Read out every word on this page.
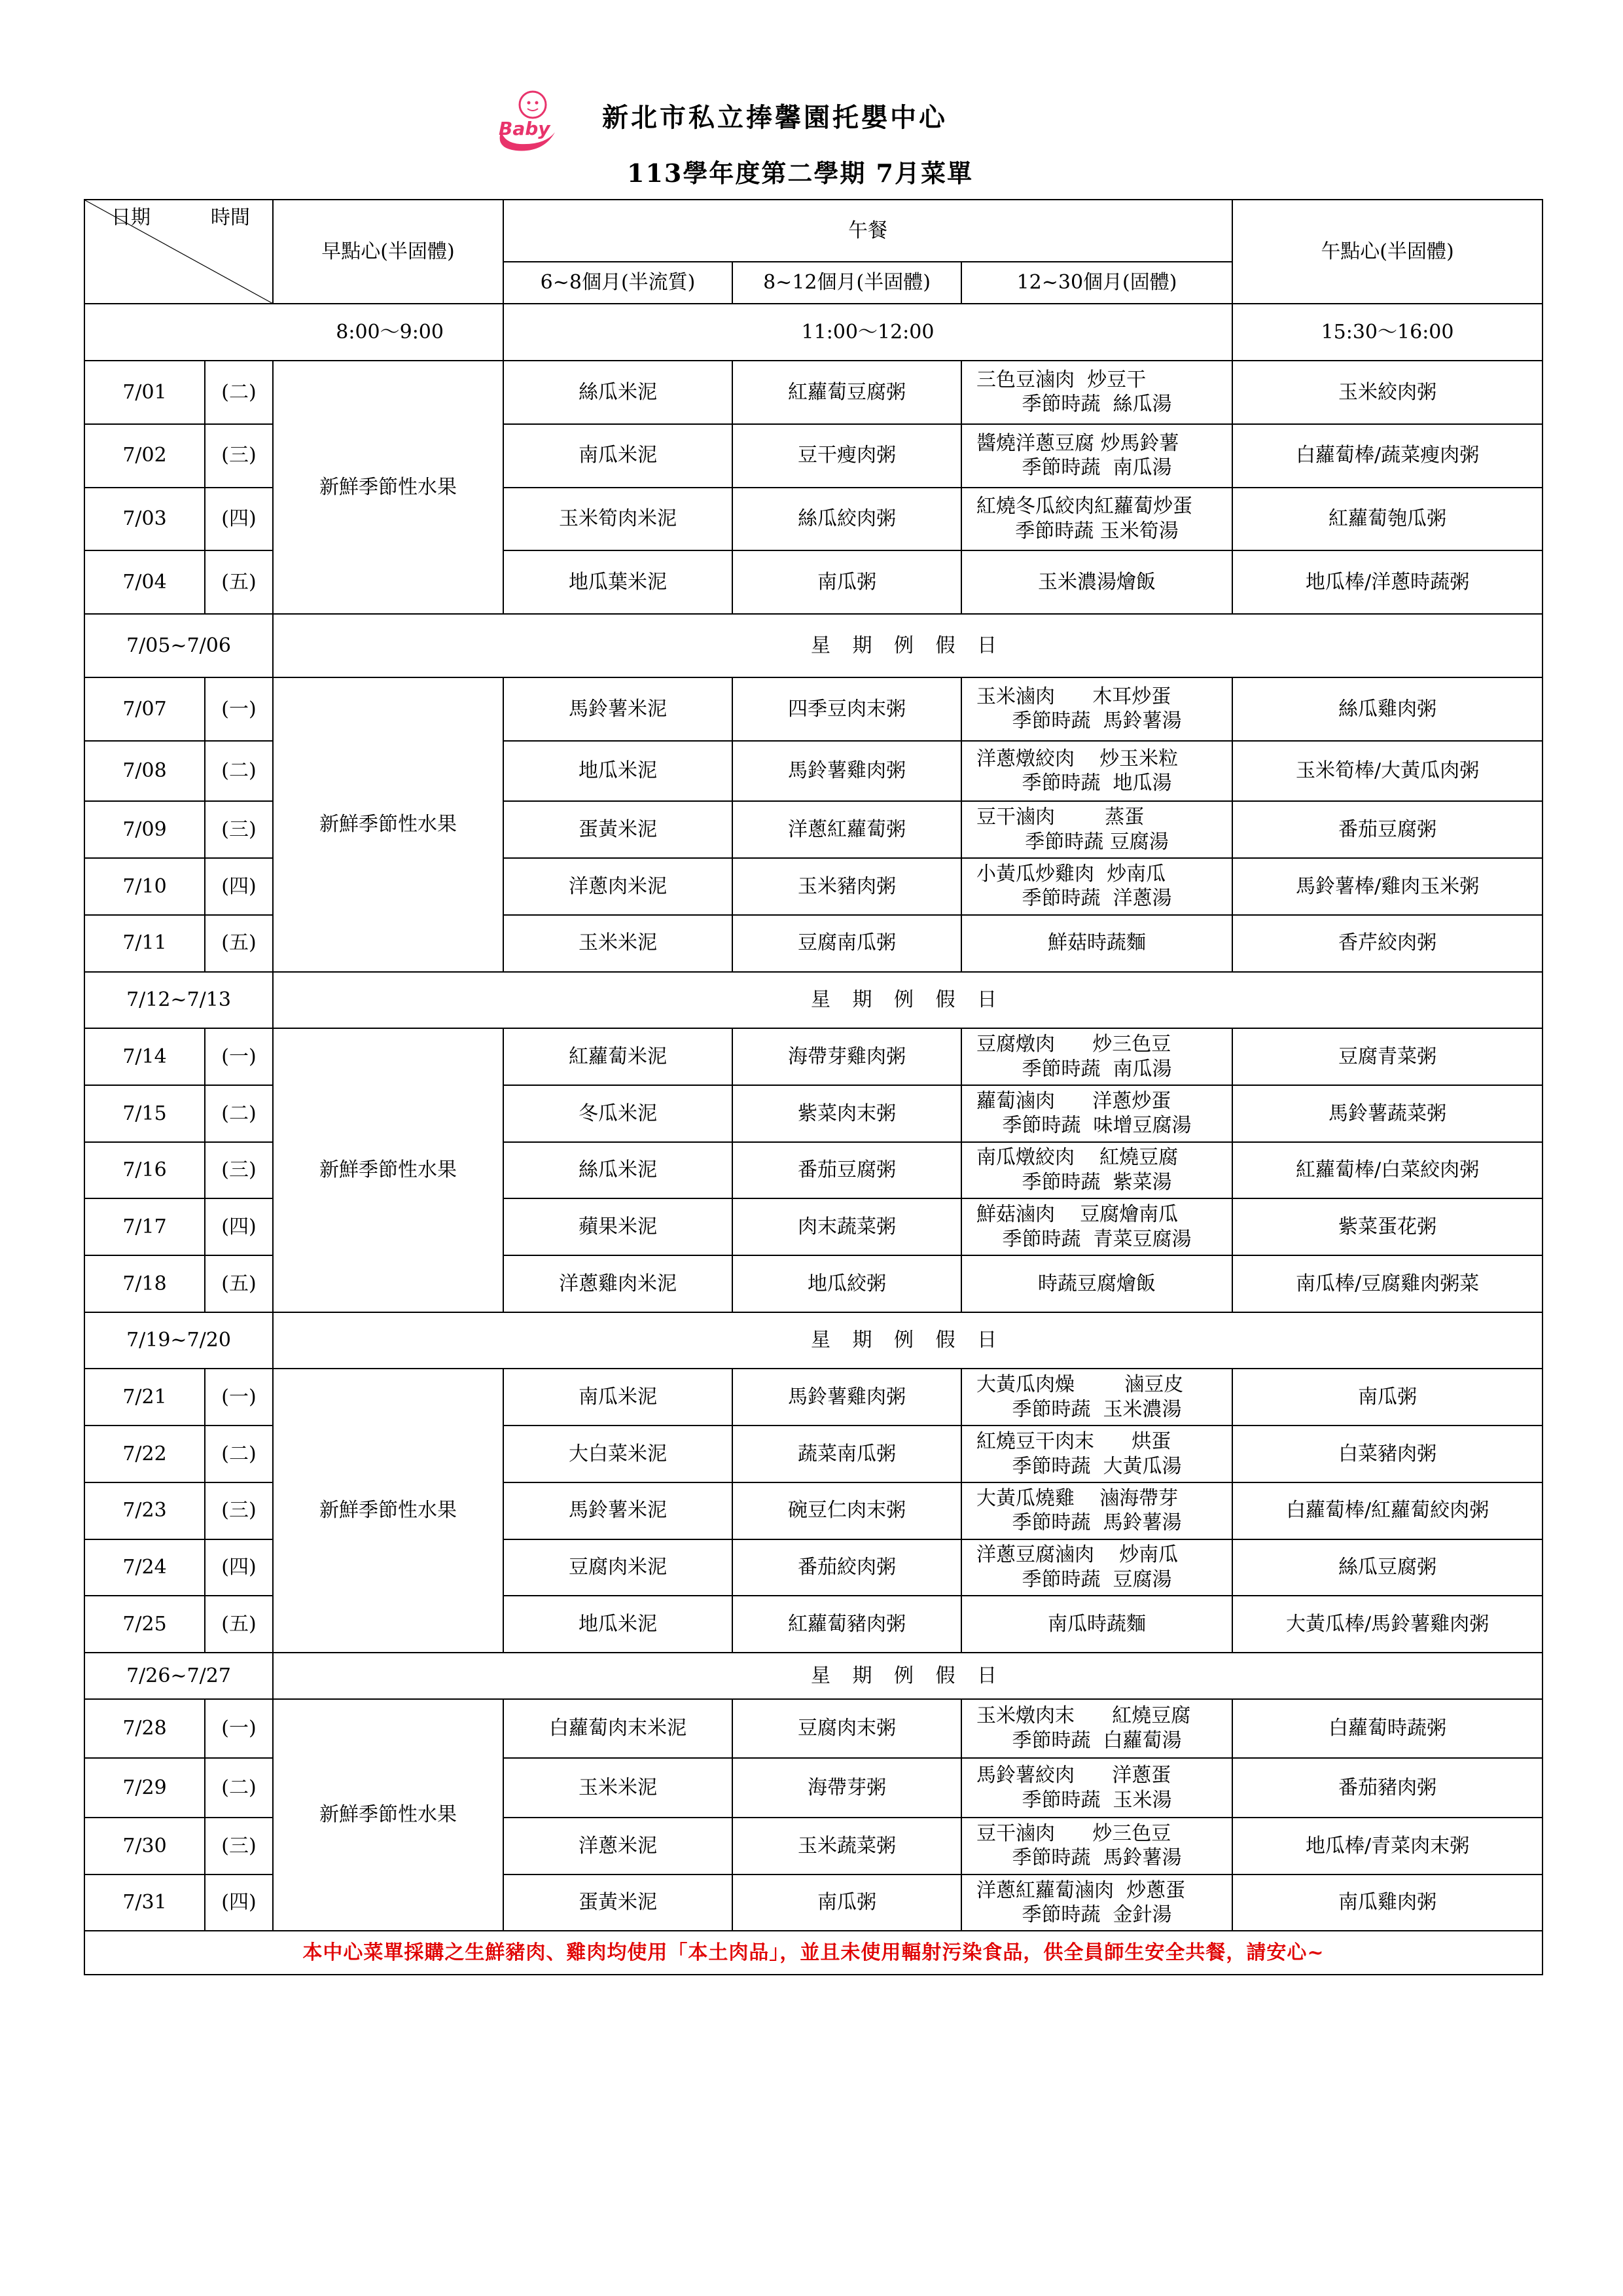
Baby 新北市私立捧馨園托嬰中心
113學年度第二學期 7月菜單
日期 時間		早點心(半固體)	午餐			午點心(半固體)
			6~8個月(半流質)	8~12個月(半固體)	12~30個月(固體)	
8:00～9:00			11:00～12:00			15:30～16:00
7/01	(二)	新鮮季節性水果	絲瓜米泥	紅蘿蔔豆腐粥	三色豆滷肉  炒豆干
季節時蔬  絲瓜湯	玉米絞肉粥
7/02	(三)		南瓜米泥	豆干瘦肉粥	醬燒洋蔥豆腐 炒馬鈴薯
季節時蔬  南瓜湯	白蘿蔔棒/蔬菜瘦肉粥
7/03	(四)		玉米筍肉米泥	絲瓜絞肉粥	紅燒冬瓜絞肉紅蘿蔔炒蛋
季節時蔬 玉米筍湯	紅蘿蔔匏瓜粥
7/04	(五)		地瓜葉米泥	南瓜粥	玉米濃湯燴飯	地瓜棒/洋蔥時蔬粥
7/05~7/06		星 期 例 假 日				
7/07	(一)	新鮮季節性水果	馬鈴薯米泥	四季豆肉末粥	玉米滷肉      木耳炒蛋
季節時蔬  馬鈴薯湯	絲瓜雞肉粥
7/08	(二)		地瓜米泥	馬鈴薯雞肉粥	洋蔥燉絞肉    炒玉米粒
季節時蔬  地瓜湯	玉米筍棒/大黃瓜肉粥
7/09	(三)		蛋黃米泥	洋蔥紅蘿蔔粥	豆干滷肉        蒸蛋
季節時蔬 豆腐湯	番茄豆腐粥
7/10	(四)		洋蔥肉米泥	玉米豬肉粥	小黃瓜炒雞肉  炒南瓜
季節時蔬  洋蔥湯	馬鈴薯棒/雞肉玉米粥
7/11	(五)		玉米米泥	豆腐南瓜粥	鮮菇時蔬麵	香芹絞肉粥
7/12~7/13		星 期 例 假 日				
7/14	(一)	新鮮季節性水果	紅蘿蔔米泥	海帶芽雞肉粥	豆腐燉肉      炒三色豆
季節時蔬  南瓜湯	豆腐青菜粥
7/15	(二)		冬瓜米泥	紫菜肉末粥	蘿蔔滷肉      洋蔥炒蛋
季節時蔬  味增豆腐湯	馬鈴薯蔬菜粥
7/16	(三)		絲瓜米泥	番茄豆腐粥	南瓜燉絞肉    紅燒豆腐
季節時蔬  紫菜湯	紅蘿蔔棒/白菜絞肉粥
7/17	(四)		蘋果米泥	肉末蔬菜粥	鮮菇滷肉    豆腐燴南瓜
季節時蔬  青菜豆腐湯	紫菜蛋花粥
7/18	(五)		洋蔥雞肉米泥	地瓜絞粥	時蔬豆腐燴飯	南瓜棒/豆腐雞肉粥菜
7/19~7/20		星 期 例 假 日				
7/21	(一)	新鮮季節性水果	南瓜米泥	馬鈴薯雞肉粥	大黃瓜肉燥        滷豆皮
季節時蔬  玉米濃湯	南瓜粥
7/22	(二)		大白菜米泥	蔬菜南瓜粥	紅燒豆干肉末      烘蛋
季節時蔬  大黃瓜湯	白菜豬肉粥
7/23	(三)		馬鈴薯米泥	碗豆仁肉末粥	大黃瓜燒雞    滷海帶芽
季節時蔬  馬鈴薯湯	白蘿蔔棒/紅蘿蔔絞肉粥
7/24	(四)		豆腐肉米泥	番茄絞肉粥	洋蔥豆腐滷肉    炒南瓜
季節時蔬  豆腐湯	絲瓜豆腐粥
7/25	(五)		地瓜米泥	紅蘿蔔豬肉粥	南瓜時蔬麵	大黃瓜棒/馬鈴薯雞肉粥
7/26~7/27		星 期 例 假 日				
7/28	(一)	新鮮季節性水果	白蘿蔔肉末米泥	豆腐肉末粥	玉米燉肉末      紅燒豆腐
季節時蔬  白蘿蔔湯	白蘿蔔時蔬粥
7/29	(二)		玉米米泥	海帶芽粥	馬鈴薯絞肉      洋蔥蛋
季節時蔬  玉米湯	番茄豬肉粥
7/30	(三)		洋蔥米泥	玉米蔬菜粥	豆干滷肉      炒三色豆
季節時蔬  馬鈴薯湯	地瓜棒/青菜肉末粥
7/31	(四)		蛋黃米泥	南瓜粥	洋蔥紅蘿蔔滷肉  炒蔥蛋
季節時蔬  金針湯	南瓜雞肉粥
本中心菜單採購之生鮮豬肉、雞肉均使用「本土肉品」，並且未使用輻射污染食品，供全員師生安全共餐，請安心~						
